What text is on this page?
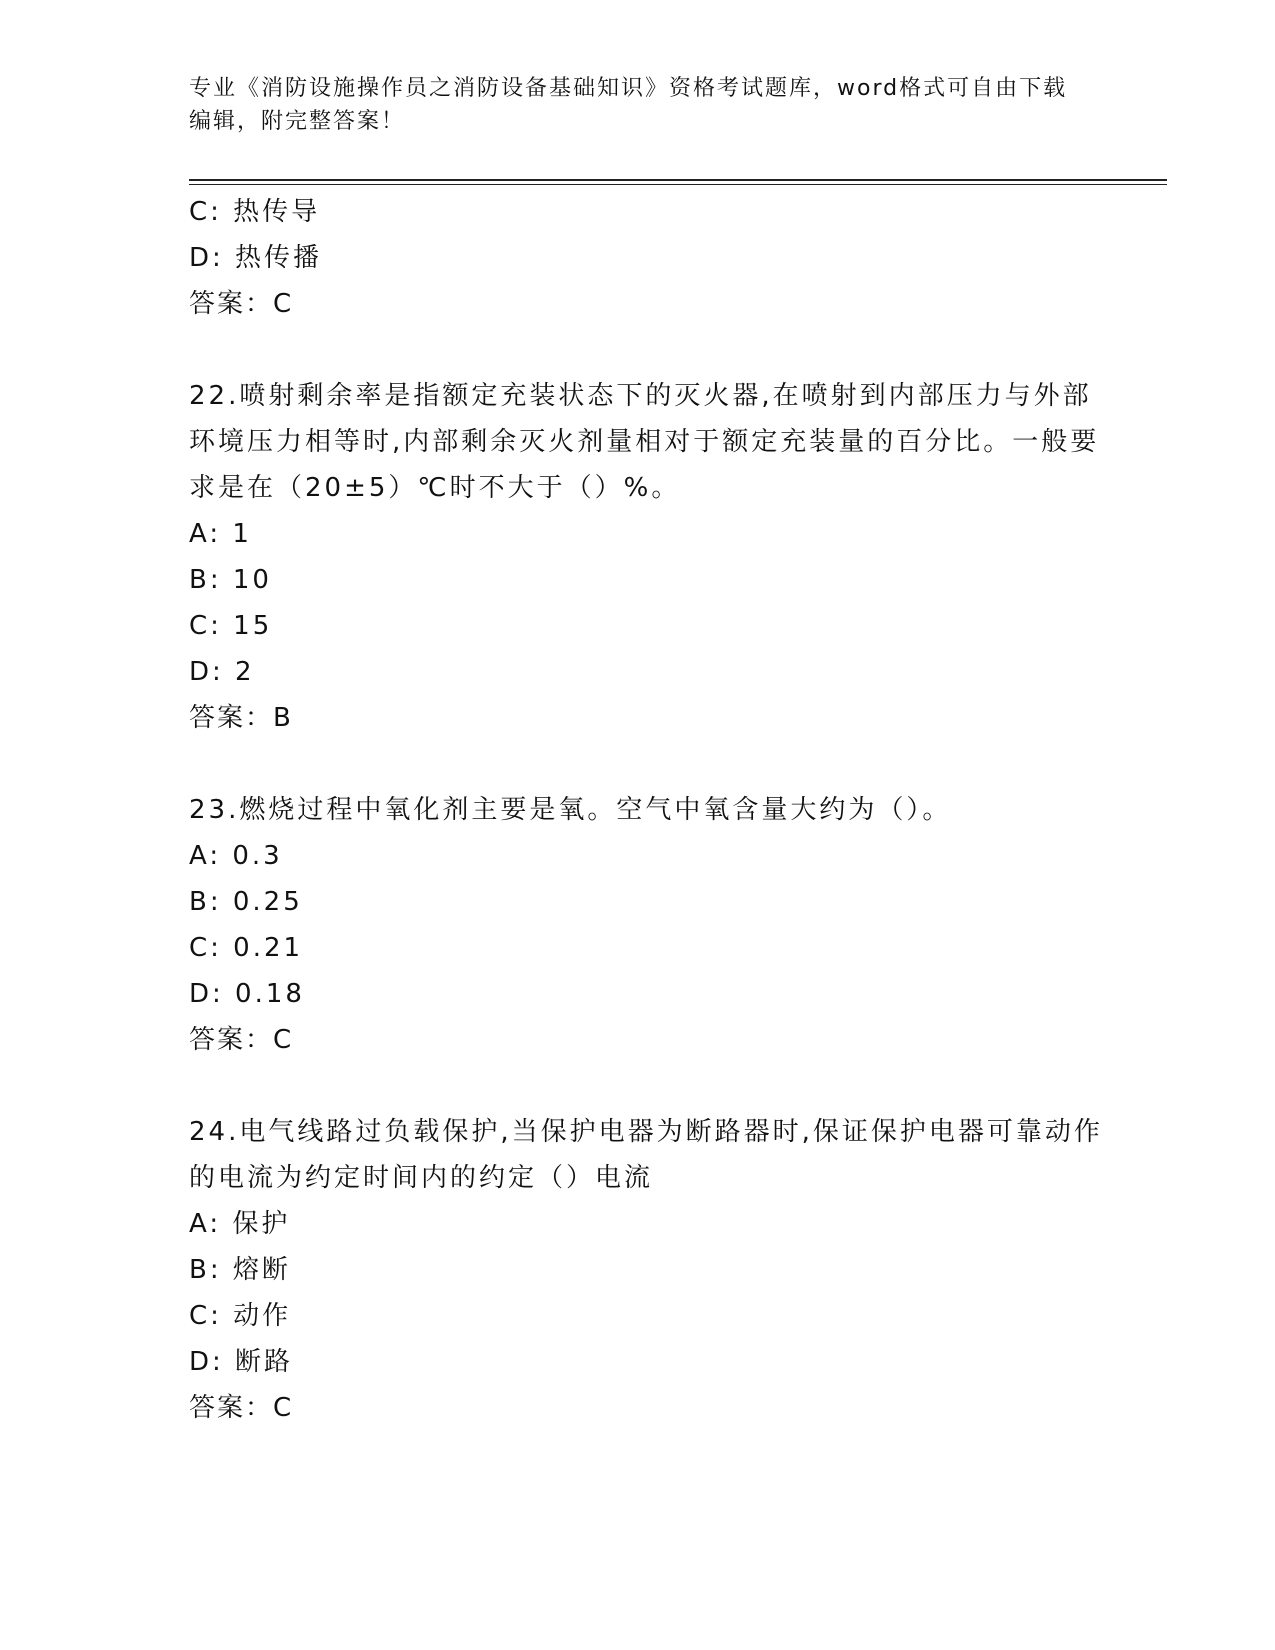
专业《消防设施操作员之消防设备基础知识》资格考试题库，word格式可自由下载编辑，附完整答案！
C: 热传导
D: 热传播
答案：C
22.喷射剩余率是指额定充装状态下的灭火器,在喷射到内部压力与外部环境压力相等时,内部剩余灭火剂量相对于额定充装量的百分比。一般要求是在（20±5）℃时不大于（）%。
A: 1
B: 10
C: 15
D: 2
答案：B
23.燃烧过程中氧化剂主要是氧。空气中氧含量大约为（）。
A: 0.3
B: 0.25
C: 0.21
D: 0.18
答案：C
24.电气线路过负载保护,当保护电器为断路器时,保证保护电器可靠动作的电流为约定时间内的约定（）电流
A: 保护
B: 熔断
C: 动作
D: 断路
答案：C
